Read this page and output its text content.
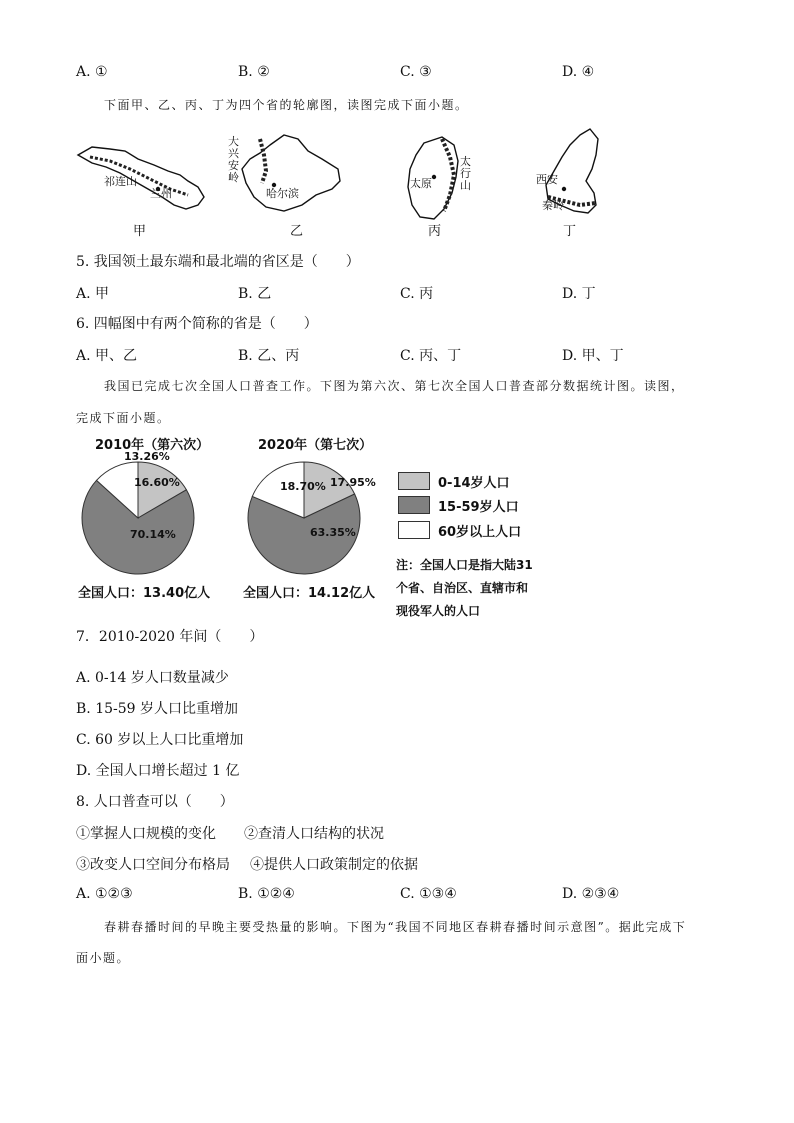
A. ①	B. ②	C. ③	D. ④
下面甲、乙、丙、丁为四个省的轮廓图，读图完成下面小题。
祁连山
兰州
大
兴
安
岭
哈尔滨
太原
太
行
山	西安
秦岭
甲	乙	丙	丁
5. 我国领土最东端和最北端的省区是（　　）
A. 甲	B. 乙	C. 丙	D. 丁
6. 四幅图中有两个简称的省是（　　）
A. 甲、乙	B. 乙、丙	C. 丙、丁	D. 甲、丁
我国已完成七次全国人口普查工作。下图为第六次、第七次全国人口普查部分数据统计图。读图，
完成下面小题。
2010年（第六次）	2020年（第七次）
16.60%
70.14%
13.26%
17.95%
63.35%
18.70%
全国人口：13.40亿人	全国人口：14.12亿人
0-14岁人口
15-59岁人口
60岁以上人口
注：全国人口是指大陆31
个省、自治区、直辖市和
现役军人的人口
7．2010-2020 年间（　　）
A. 0-14 岁人口数量减少
B. 15-59 岁人口比重增加
C. 60 岁以上人口比重增加
D. 全国人口增长超过 1 亿
8. 人口普查可以（　　）
①掌握人口规模的变化 ②查清人口结构的状况
③改变人口空间分布格局 ④提供人口政策制定的依据
A. ①②③	B. ①②④	C. ①③④	D. ②③④
春耕春播时间的早晚主要受热量的影响。下图为“我国不同地区春耕春播时间示意图”。据此完成下
面小题。
